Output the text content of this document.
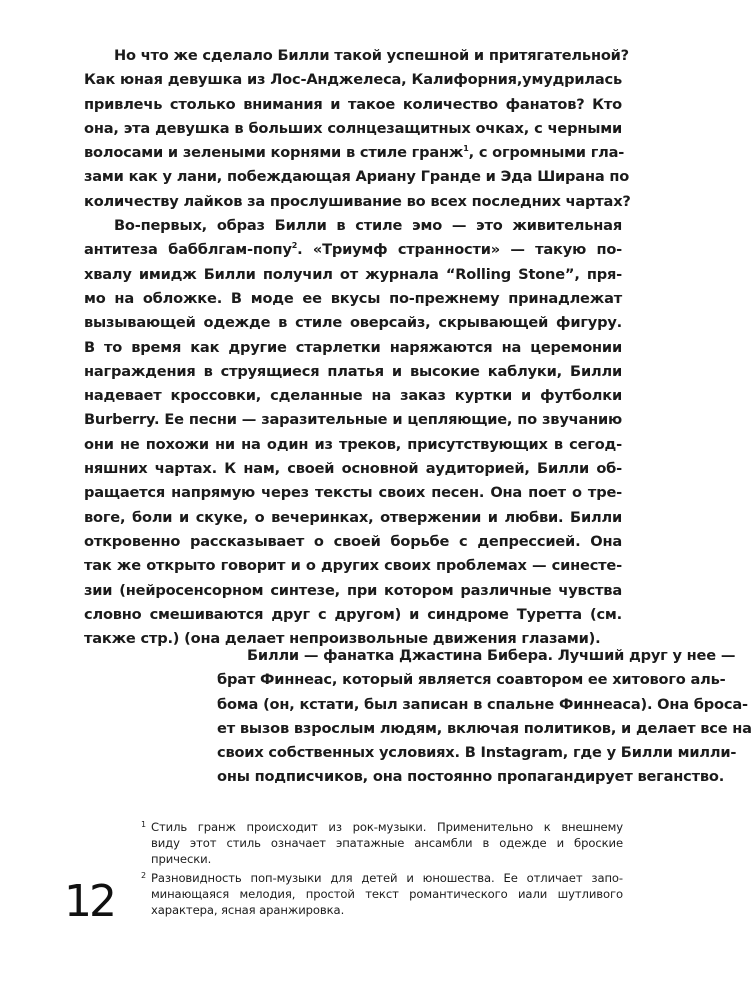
Но что же сделало Билли такой успешной и притягательной?
Как юная девушка из Лос-Анджелеса, Калифорния,умудрилась
привлечь столько внимания и такое количество фанатов? Кто
она, эта девушка в больших солнцезащитных очках, с черными
волосами и зелеными корнями в стиле гранж$^1$, с огромными гла-
зами как у лани, побеждающая Ариану Гранде и Эда Ширана по
количеству лайков за прослушивание во всех последних чартах?
Во-первых, образ Билли в стиле эмо — это живительная
антитеза бабблгам-попу$^2$. «Триумф странности» — такую по-
хвалу имидж Билли получил от журнала “Rolling Stone”, пря-
мо на обложке. В моде ее вкусы по-прежнему принадлежат
вызывающей одежде в стиле оверсайз, скрывающей фигуру.
В то время как другие старлетки наряжаются на церемонии
награждения в струящиеся платья и высокие каблуки, Билли
надевает кроссовки, сделанные на заказ куртки и футболки
Burberry. Ее песни — заразительные и цепляющие, по звучанию
они не похожи ни на один из треков, присутствующих в сегод-
няшних чартах. К нам, своей основной аудиторией, Билли об-
ращается напрямую через тексты своих песен. Она поет о тре-
воге, боли и скуке, о вечеринках, отвержении и любви. Билли
откровенно рассказывает о своей борьбе с депрессией. Она
так же открыто говорит и о других своих проблемах — синесте-
зии (нейросенсорном синтезе, при котором различные чувства
словно смешиваются друг с другом) и синдроме Туретта (см.
также стр.) (она делает непроизвольные движения глазами).
Билли — фанатка Джастина Бибера. Лучший друг у нее —
брат Финнеас, который является соавтором ее хитового аль-
бома (он, кстати, был записан в спальне Финнеаса). Она бросa-
ет вызов взрослым людям, включая политиков, и делает все на
своих собственных условиях. В Instagram, где у Билли милли-
оны подписчиков, она постоянно пропагандирует веганство.
1 Стиль гранж происходит из рок-музыки. Применительно к внешнему
виду этот стиль означает эпатажные ансамбли в одежде и броские
прически.
2 Разновидность поп-музыки для детей и юношества. Ее отличает запо-
минающаяся мелодия, простой текст романтического иали шутливого
характера, ясная аранжировка.
12
